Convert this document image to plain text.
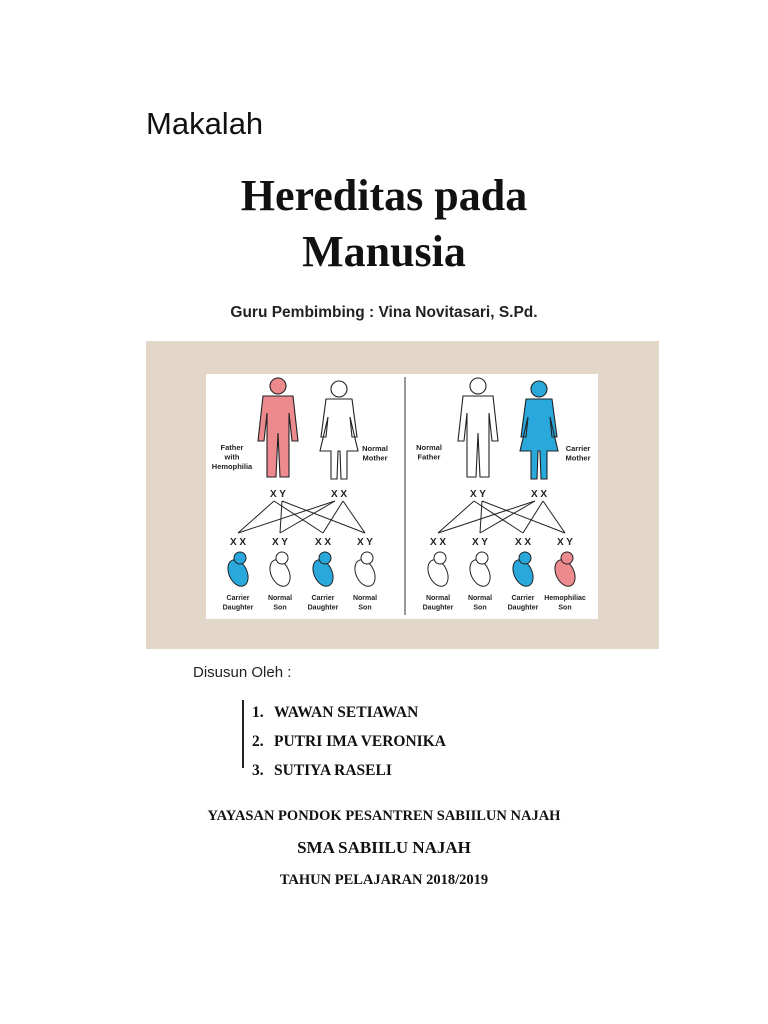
Makalah
Hereditas pada
Manusia
Guru Pembimbing : Vina Novitasari, S.Pd.
Father
with
Hemophilia
Normal
Mother
X Y	X X
X X
Carrier
Daughter
X Y
Normal
Son
X X
Carrier
Daughter
X Y
Normal
Son
Normal
Father
Carrier
Mother
X Y	X X
X X
Normal
Daughter
X Y
Normal
Son
X X
Carrier
Daughter
X Y
Hemophiliac
Son
Disusun Oleh :
1. WAWAN SETIAWAN
2. PUTRI IMA VERONIKA
3. SUTIYA RASELI
YAYASAN PONDOK PESANTREN SABIILUN NAJAH
SMA SABIILU NAJAH
TAHUN PELAJARAN 2018/2019
